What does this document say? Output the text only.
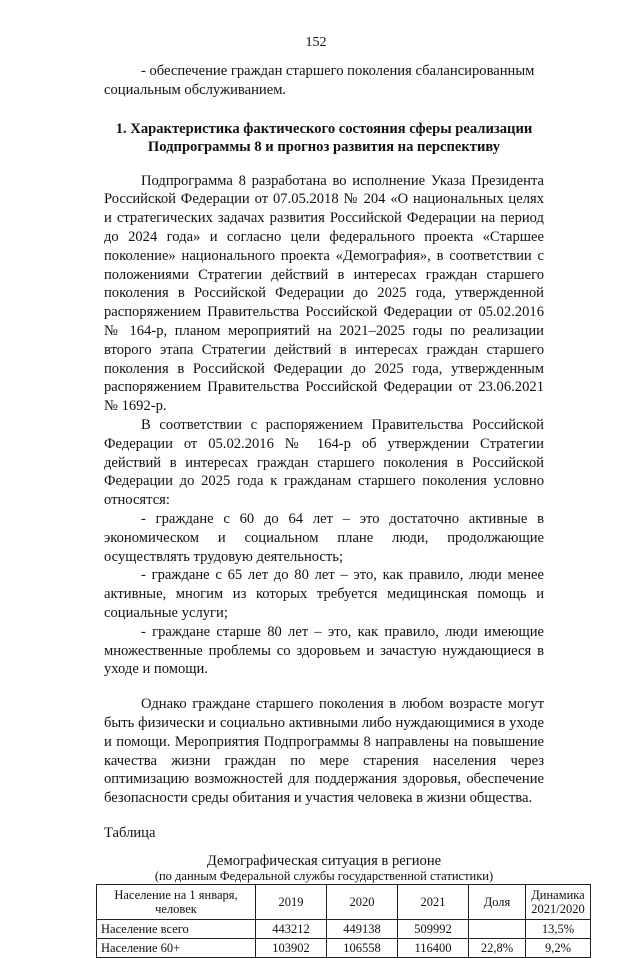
152

- обеспечение граждан старшего поколения сбалансированным

социальным обслуживанием.

1. Характеристика фактического состояния сферы реализации
Подпрограммы 8 и прогноз развития на перспективу

Подпрограмма 8 разработана во исполнение Указа Президента Российской Федерации от 07.05.2018 № 204 «О национальных целях и стратегических задачах развития Российской Федерации на период до 2024 года» и согласно цели федерального проекта «Старшее поколение» национального проекта «Демография», в соответствии с положениями Стратегии действий в интересах граждан старшего поколения в Российской Федерации до 2025 года, утвержденной распоряжением Правительства Российской Федерации от 05.02.2016 № 164-р, планом мероприятий на 2021–2025 годы по реализации второго этапа Стратегии действий в интересах граждан старшего поколения в Российской Федерации до 2025 года, утвержденным распоряжением Правительства Российской Федерации от 23.06.2021 № 1692-р.

В соответствии с распоряжением Правительства Российской Федерации от 05.02.2016 № 164-р об утверждении Стратегии действий в интересах граждан старшего поколения в Российской Федерации до 2025 года к гражданам старшего поколения условно относятся:

- граждане с 60 до 64 лет – это достаточно активные в экономическом и социальном плане люди, продолжающие осуществлять трудовую деятельность;

- граждане с 65 лет до 80 лет – это, как правило, люди менее активные, многим из которых требуется медицинская помощь и социальные услуги;

- граждане старше 80 лет – это, как правило, люди имеющие множественные проблемы со здоровьем и зачастую нуждающиеся в уходе и помощи.

Однако граждане старшего поколения в любом возрасте могут быть физически и социально активными либо нуждающимися в уходе и помощи. Мероприятия Подпрограммы 8 направлены на повышение качества жизни граждан по мере старения населения через оптимизацию возможностей для поддержания здоровья, обеспечение безопасности среды обитания и участия человека в жизни общества.

Таблица

Демографическая ситуация в регионе

(по данным Федеральной службы государственной статистики)

Население на 1 января, человек	2019	2020	2021	Доля	Динамика 2021/2020
Население всего	443212	449138	509992		13,5%
Население 60+	103902	106558	116400	22,8%	9,2%
